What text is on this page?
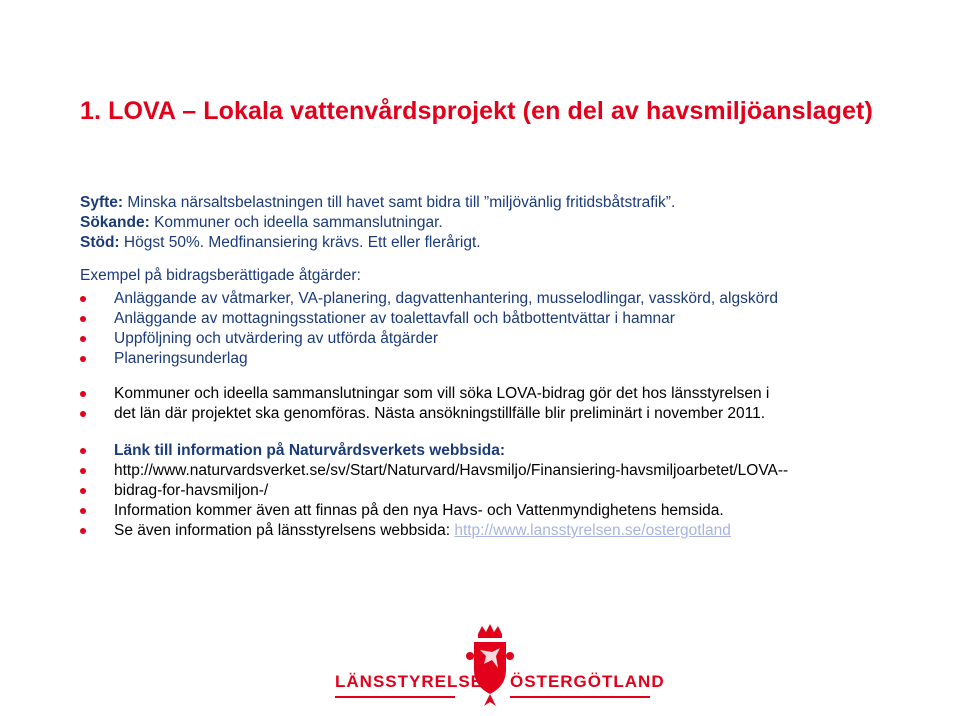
1. LOVA – Lokala vattenvårdsprojekt (en del av havsmiljöanslaget)
Syfte: Minska närsaltsbelastningen till havet samt bidra till ”miljövänlig fritidsbåtstrafik”.
Sökande: Kommuner och ideella sammanslutningar.
Stöd: Högst 50%. Medfinansiering krävs. Ett eller flerårigt.
Exempel på bidragsberättigade åtgärder:
Anläggande av våtmarker, VA-planering, dagvattenhantering, musselodlingar, vasskörd, algskörd
Anläggande av mottagningsstationer av toalettavfall och båtbottentvättar i hamnar
Uppföljning och utvärdering av utförda åtgärder
Planeringsunderlag
Kommuner och ideella sammanslutningar som vill söka LOVA-bidrag gör det hos länsstyrelsen i
det län där projektet ska genomföras. Nästa ansökningstillfälle blir preliminärt i november 2011.
Länk till information på Naturvårdsverkets webbsida:
http://www.naturvardsverket.se/sv/Start/Naturvard/Havsmiljo/Finansiering-havsmiljoarbetet/LOVA--
bidrag-for-havsmiljon-/
Information kommer även att finnas på den nya Havs- och Vattenmyndighetens hemsida.
Se även information på länsstyrelsens webbsida: http://www.lansstyrelsen.se/ostergotland
LÄNSSTYRELSEN ÖSTERGÖTLAND
